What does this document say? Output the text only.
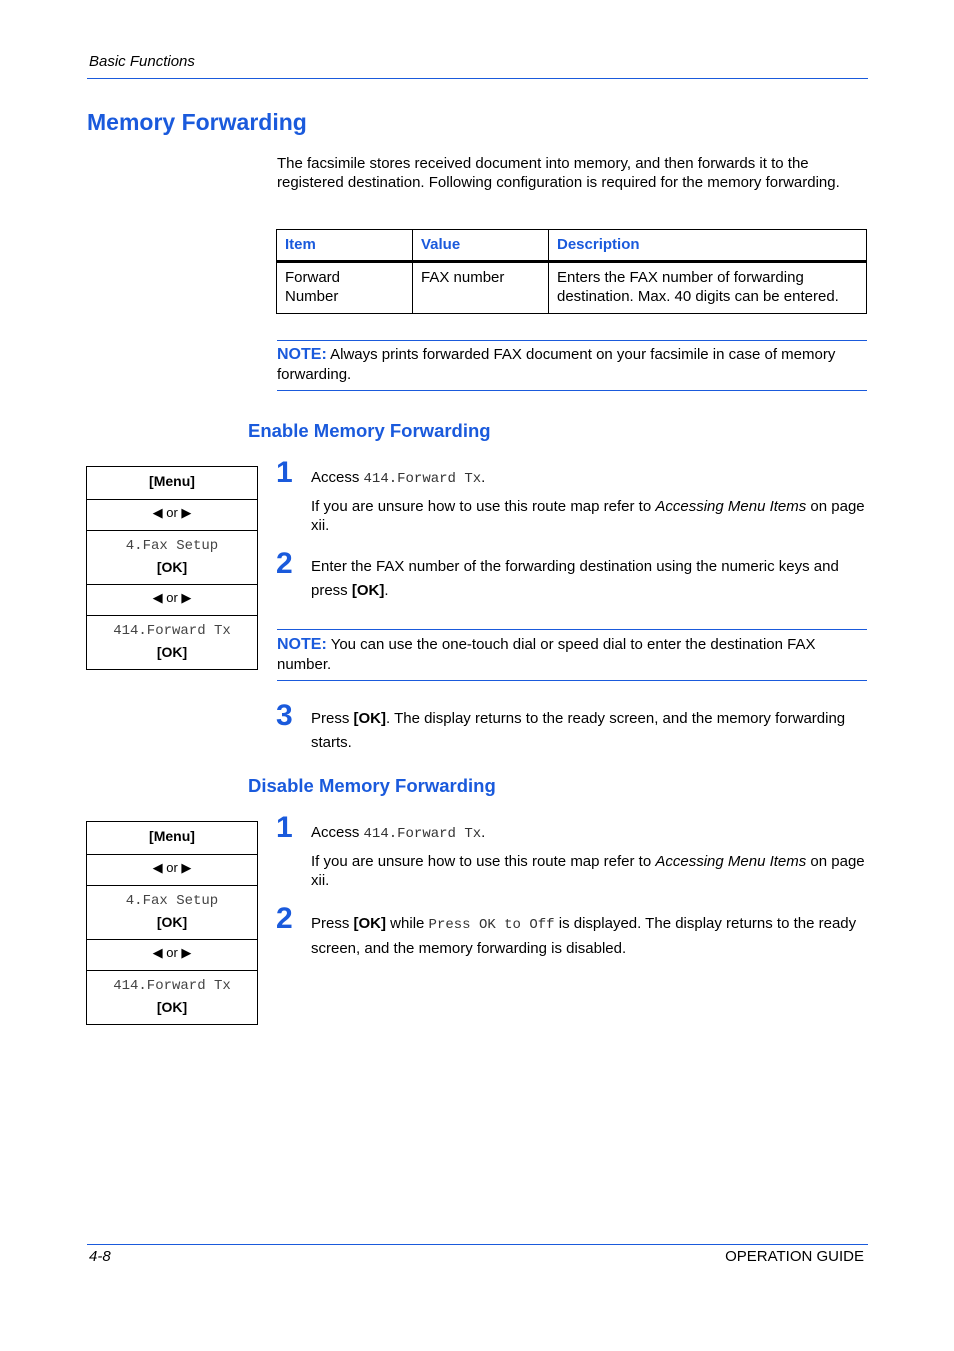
Basic Functions
Memory Forwarding
The facsimile stores received document into memory, and then forwards it to the registered destination. Following configuration is required for the memory forwarding.
Item	Value	Description
Forward Number	FAX number	Enters the FAX number of forwarding destination. Max. 40 digits can be entered.
NOTE: Always prints forwarded FAX document on your facsimile in case of memory forwarding.
Enable Memory Forwarding
[Menu]
◀ or ▶
4.Fax Setup
[OK]
◀ or ▶
414.Forward Tx
[OK]
1 Access 414.Forward Tx.
If you are unsure how to use this route map refer to Accessing Menu Items on page xii.
2 Enter the FAX number of the forwarding destination using the numeric keys and press [OK].
NOTE: You can use the one-touch dial or speed dial to enter the destination FAX number.
3 Press [OK]. The display returns to the ready screen, and the memory forwarding starts.
Disable Memory Forwarding
[Menu]
◀ or ▶
4.Fax Setup
[OK]
◀ or ▶
414.Forward Tx
[OK]
1 Access 414.Forward Tx.
If you are unsure how to use this route map refer to Accessing Menu Items on page xii.
2 Press [OK] while Press OK to Off is displayed. The display returns to the ready screen, and the memory forwarding is disabled.
4-8	OPERATION GUIDE
